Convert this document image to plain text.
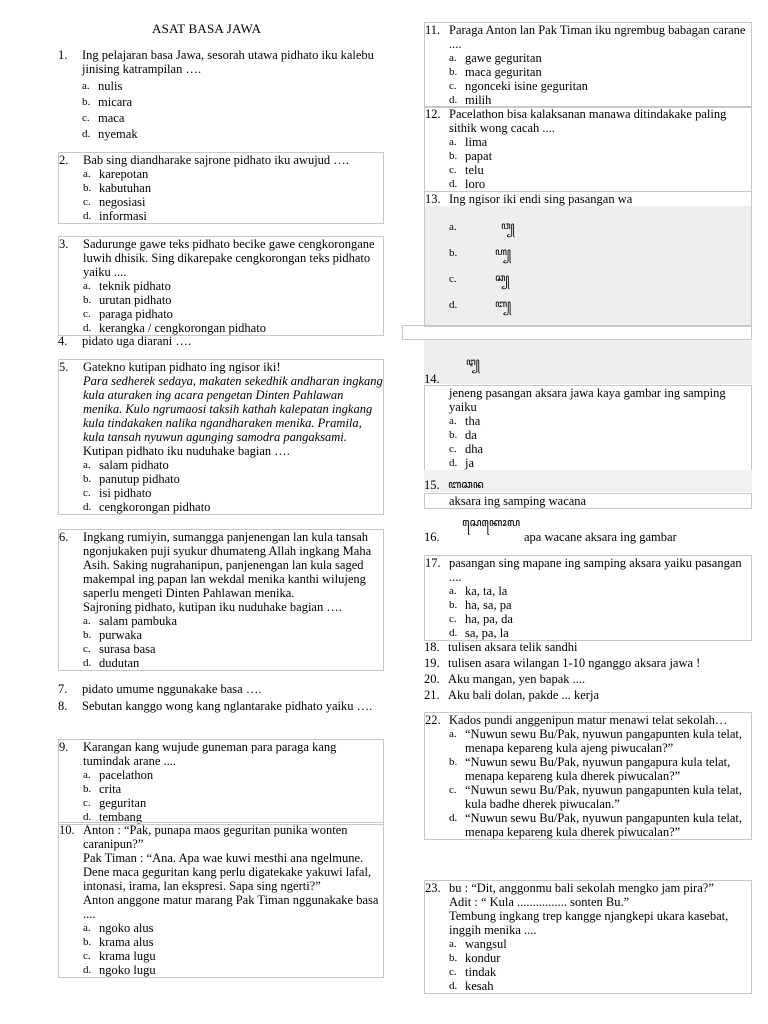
ASAT BASA JAWA
1.	Ing pelajaran basa Jawa, sesorah utawa pidhato iku kalebu jinising katrampilan ….
a. nulis
b. micara
c. maca
d. nyemak
2.	Bab sing diandharake sajrone pidhato iku awujud ….
a. karepotan
b. kabutuhan
c. negosiasi
d. informasi
3.	Sadurunge gawe teks pidhato becike gawe cengkorongane luwih dhisik. Sing dikarepake cengkorongan teks pidhato yaiku ....
a. teknik pidhato
b. urutan pidhato
c. paraga pidhato
d. kerangka / cengkorongan pidhato
4.	pidato uga diarani ….
5.	Gatekno kutipan pidhato ing ngisor iki!
Para sedherek sedaya, makaten sekedhik andharan ingkang kula aturaken ing acara pengetan Dinten Pahlawan menika. Kulo ngrumaosi taksih kathah kalepatan ingkang kula tindakaken nalika ngandharaken menika. Pramila, kula tansah nyuwun agunging samodra pangaksami.
Kutipan pidhato iku nuduhake bagian ….
a. salam pidhato
b. panutup pidhato
c. isi pidhato
d. cengkorongan pidhato
6.	Ingkang rumiyin, sumangga panjenengan lan kula tansah ngonjukaken puji syukur dhumateng Allah ingkang Maha Asih. Saking nugrahanipun, panjenengan lan kula saged makempal ing papan lan wekdal menika kanthi wilujeng saperlu mengeti Dinten Pahlawan menika.
Sajroning pidhato, kutipan iku nuduhake bagian ….
a. salam pambuka
b. purwaka
c. surasa basa
d. dudutan
7.	pidato umume nggunakake basa ….
8.	Sebutan kanggo wong kang nglantarake pidhato yaiku ….
9.	Karangan kang wujude guneman para paraga kang tumindak arane ....
a. pacelathon
b. crita
c. geguritan
d. tembang
10. Anton : “Pak, punapa maos geguritan punika wonten caranipun?”
Pak Timan : “Ana. Apa wae kuwi mesthi ana ngelmune. Dene maca geguritan kang perlu digatekake yakuwi lafal, intonasi, irama, lan ekspresi. Sapa sing ngerti?”
Anton anggone matur marang Pak Timan nggunakake basa ....
a. ngoko alus
b. krama alus
c. krama lugu
d. ngoko lugu
11. Paraga Anton lan Pak Timan iku ngrembug babagan carane ....
a. gawe geguritan
b. maca geguritan
c. ngonceki isine geguritan
d. milih
12. Pacelathon bisa kalaksanan manawa ditindakake paling sithik wong cacah ....
a. lima
b. papat
c. telu
d. loro
13. Ing ngisor iki endi sing pasangan wa
a.	ꦮ꧀
b.	ꦲ꧀
c.	ꦕ꧀
d.	ꦧ꧀
ꦛ꧀
14.
jeneng pasangan aksara jawa kaya gambar ing samping yaiku
a. tha
b. da
c. dha
d. ja
15. ꦧꦕꦤ
aksara ing samping wacana
ꦱꦺꦏꦺꦴꦭ
16.	apa wacane aksara ing gambar
17. pasangan sing mapane ing samping aksara yaiku pasangan ....
a. ka, ta, la
b. ha, sa, pa
c. ha, pa, da
d. sa, pa, la
18. tulisen aksara telik sandhi
19. tulisen asara wilangan 1-10 nganggo aksara jawa !
20. Aku mangan, yen bapak ....
21. Aku bali dolan, pakde ... kerja
22. Kados pundi anggenipun matur menawi telat sekolah…
a. “Nuwun sewu Bu/Pak, nyuwun pangapunten kula telat, menapa kepareng kula ajeng piwucalan?”
b. “Nuwun sewu Bu/Pak, nyuwun pangapura kula telat, menapa kepareng kula dherek piwucalan?”
c. “Nuwun sewu Bu/Pak, nyuwun pangapunten kula telat, kula badhe dherek piwucalan.”
d. “Nuwun sewu Bu/Pak, nyuwun pangapunten kula telat, menapa kepareng kula dherek piwucalan?”
23. bu : “Dit, anggonmu bali sekolah mengko jam pira?”
Adit : “ Kula ................ sonten Bu.”
Tembung ingkang trep kangge njangkepi ukara kasebat, inggih menika ....
a. wangsul
b. kondur
c. tindak
d. kesah
